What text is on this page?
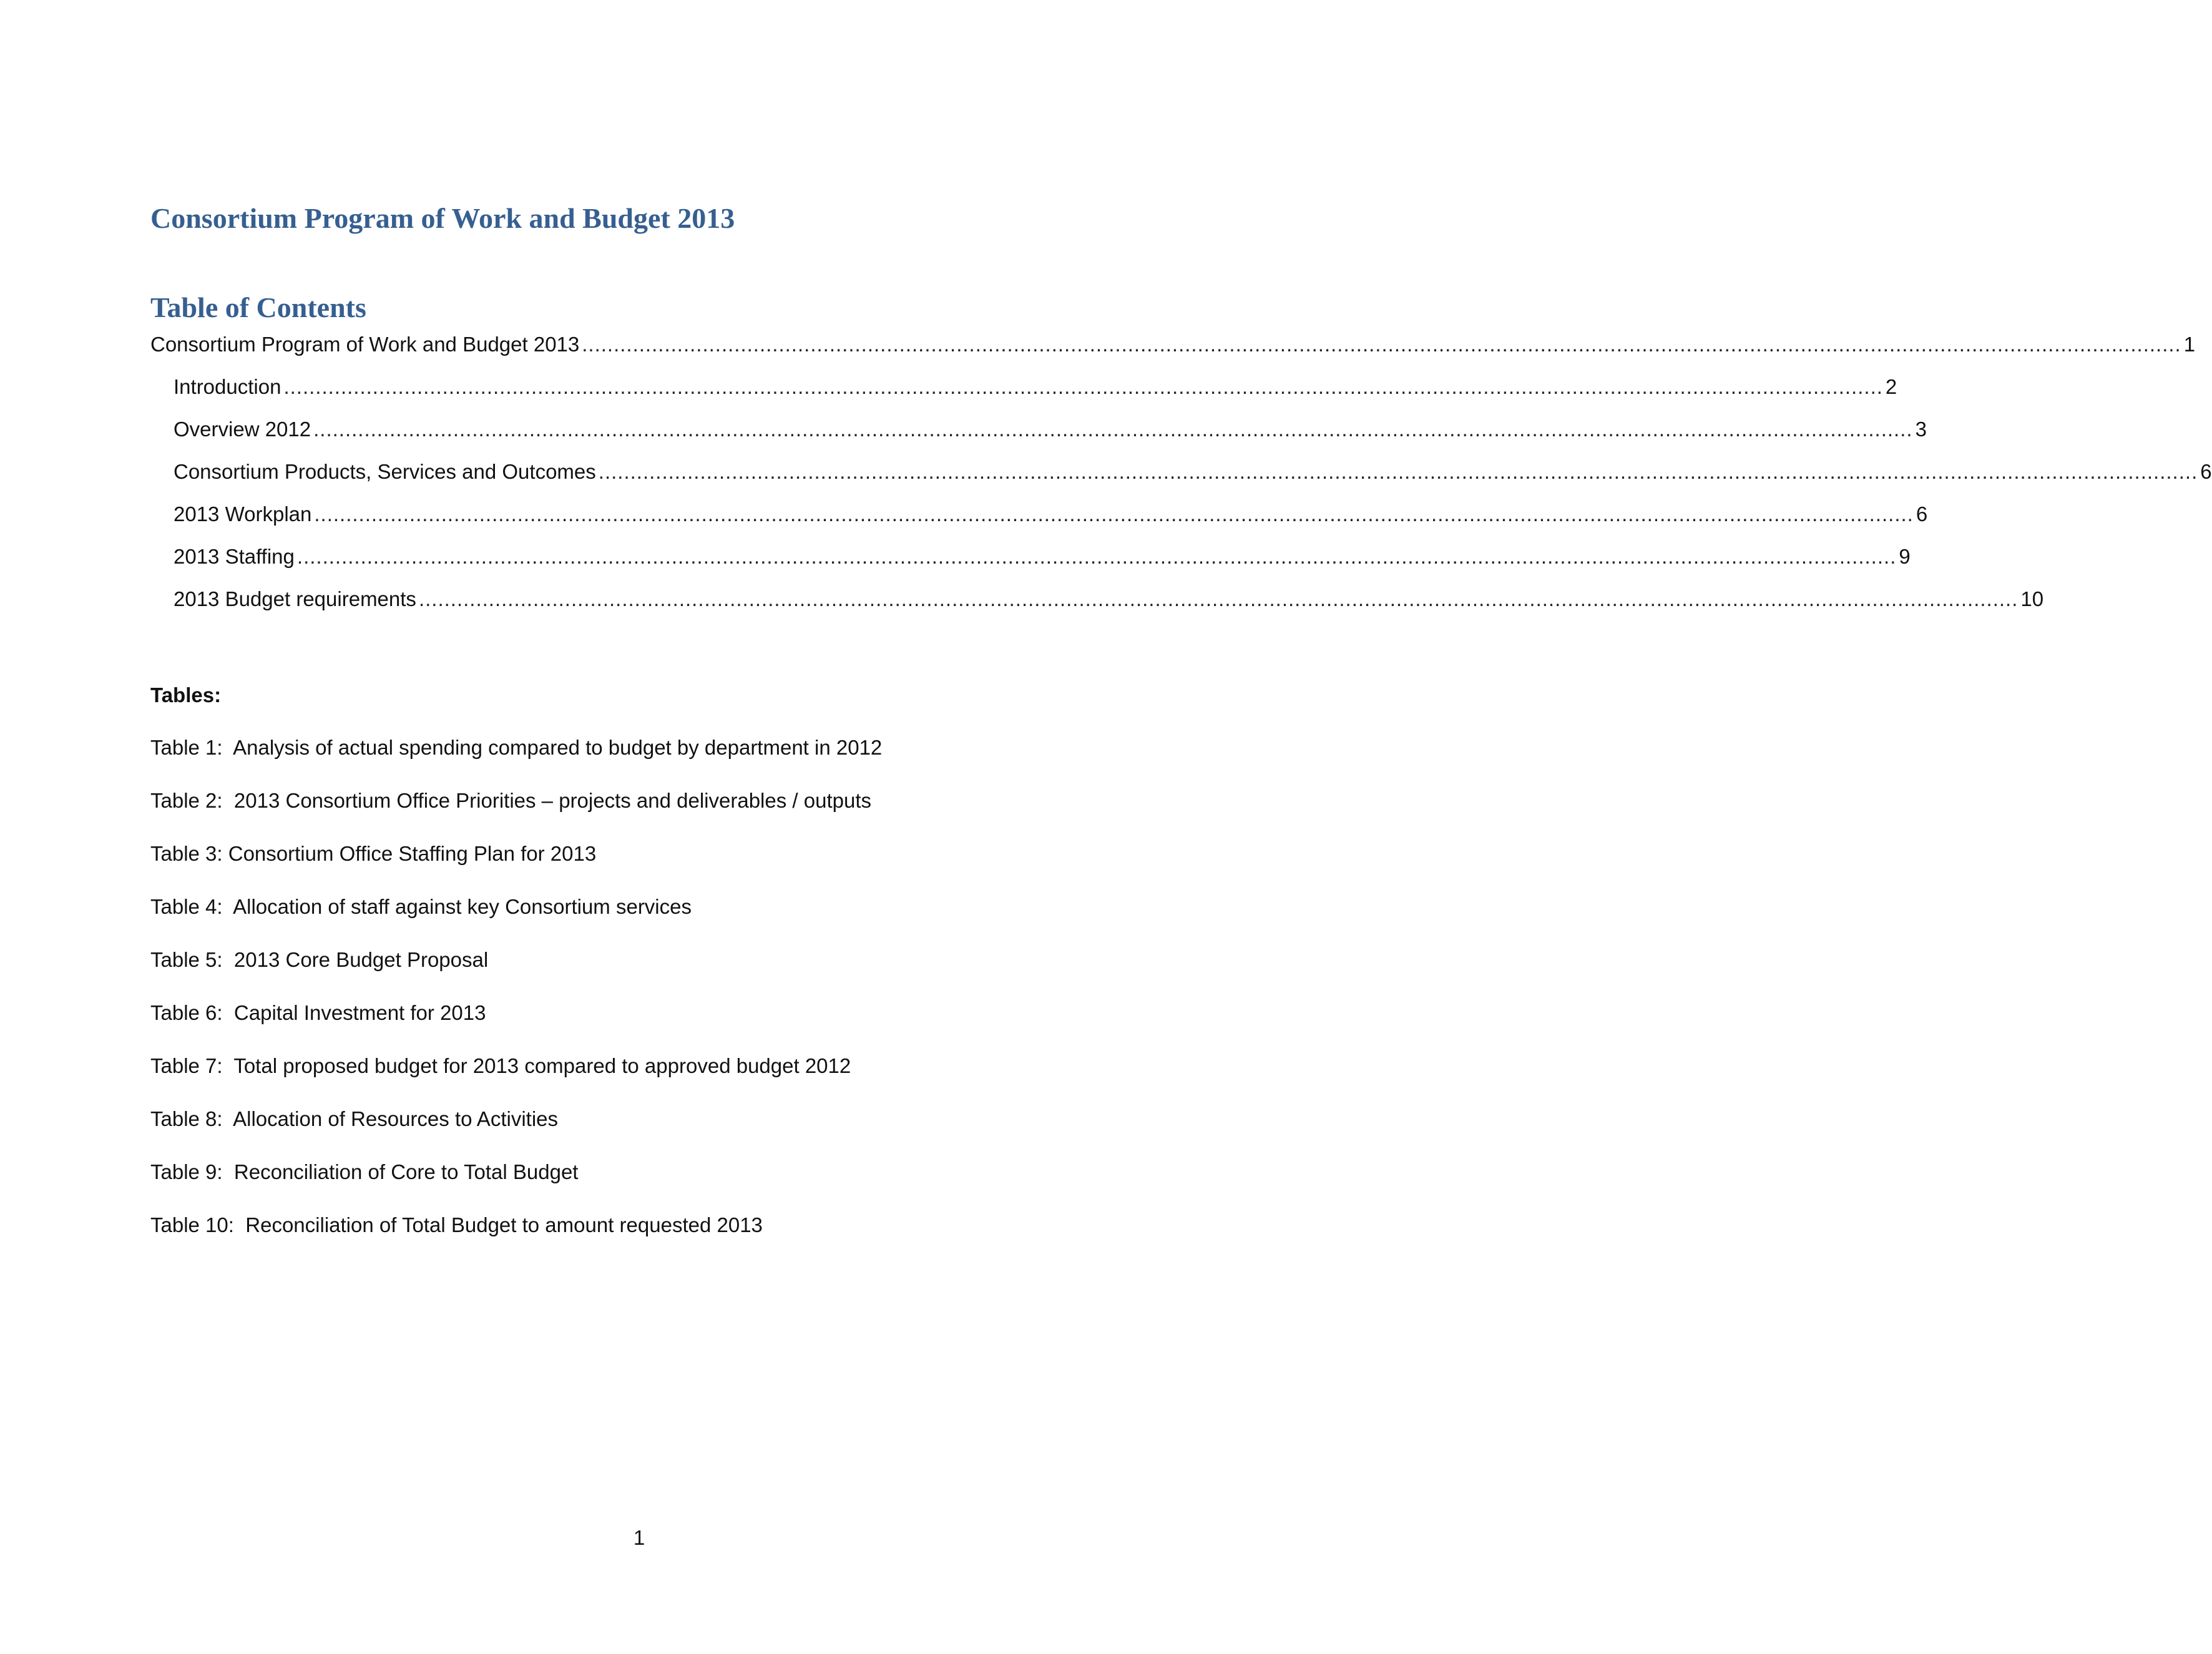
Consortium Program of Work and Budget 2013
Table of Contents
Consortium Program of Work and Budget 2013 ............................................................................................................................................................................................................................................................ 1
Introduction ............................................................................................................................................................................................................................................................ 2
Overview 2012 ............................................................................................................................................................................................................................................................ 3
Consortium Products, Services and Outcomes ............................................................................................................................................................................................................................................................ 6
2013 Workplan ............................................................................................................................................................................................................................................................ 6
2013 Staffing ............................................................................................................................................................................................................................................................ 9
2013 Budget requirements ............................................................................................................................................................................................................................................................ 10
Tables:
Table 1:  Analysis of actual spending compared to budget by department in 2012
Table 2:  2013 Consortium Office Priorities – projects and deliverables / outputs
Table 3: Consortium Office Staffing Plan for 2013
Table 4:  Allocation of staff against key Consortium services
Table 5:  2013 Core Budget Proposal
Table 6:  Capital Investment for 2013
Table 7:  Total proposed budget for 2013 compared to approved budget 2012
Table 8:  Allocation of Resources to Activities
Table 9:  Reconciliation of Core to Total Budget
Table 10:  Reconciliation of Total Budget to amount requested 2013
1
